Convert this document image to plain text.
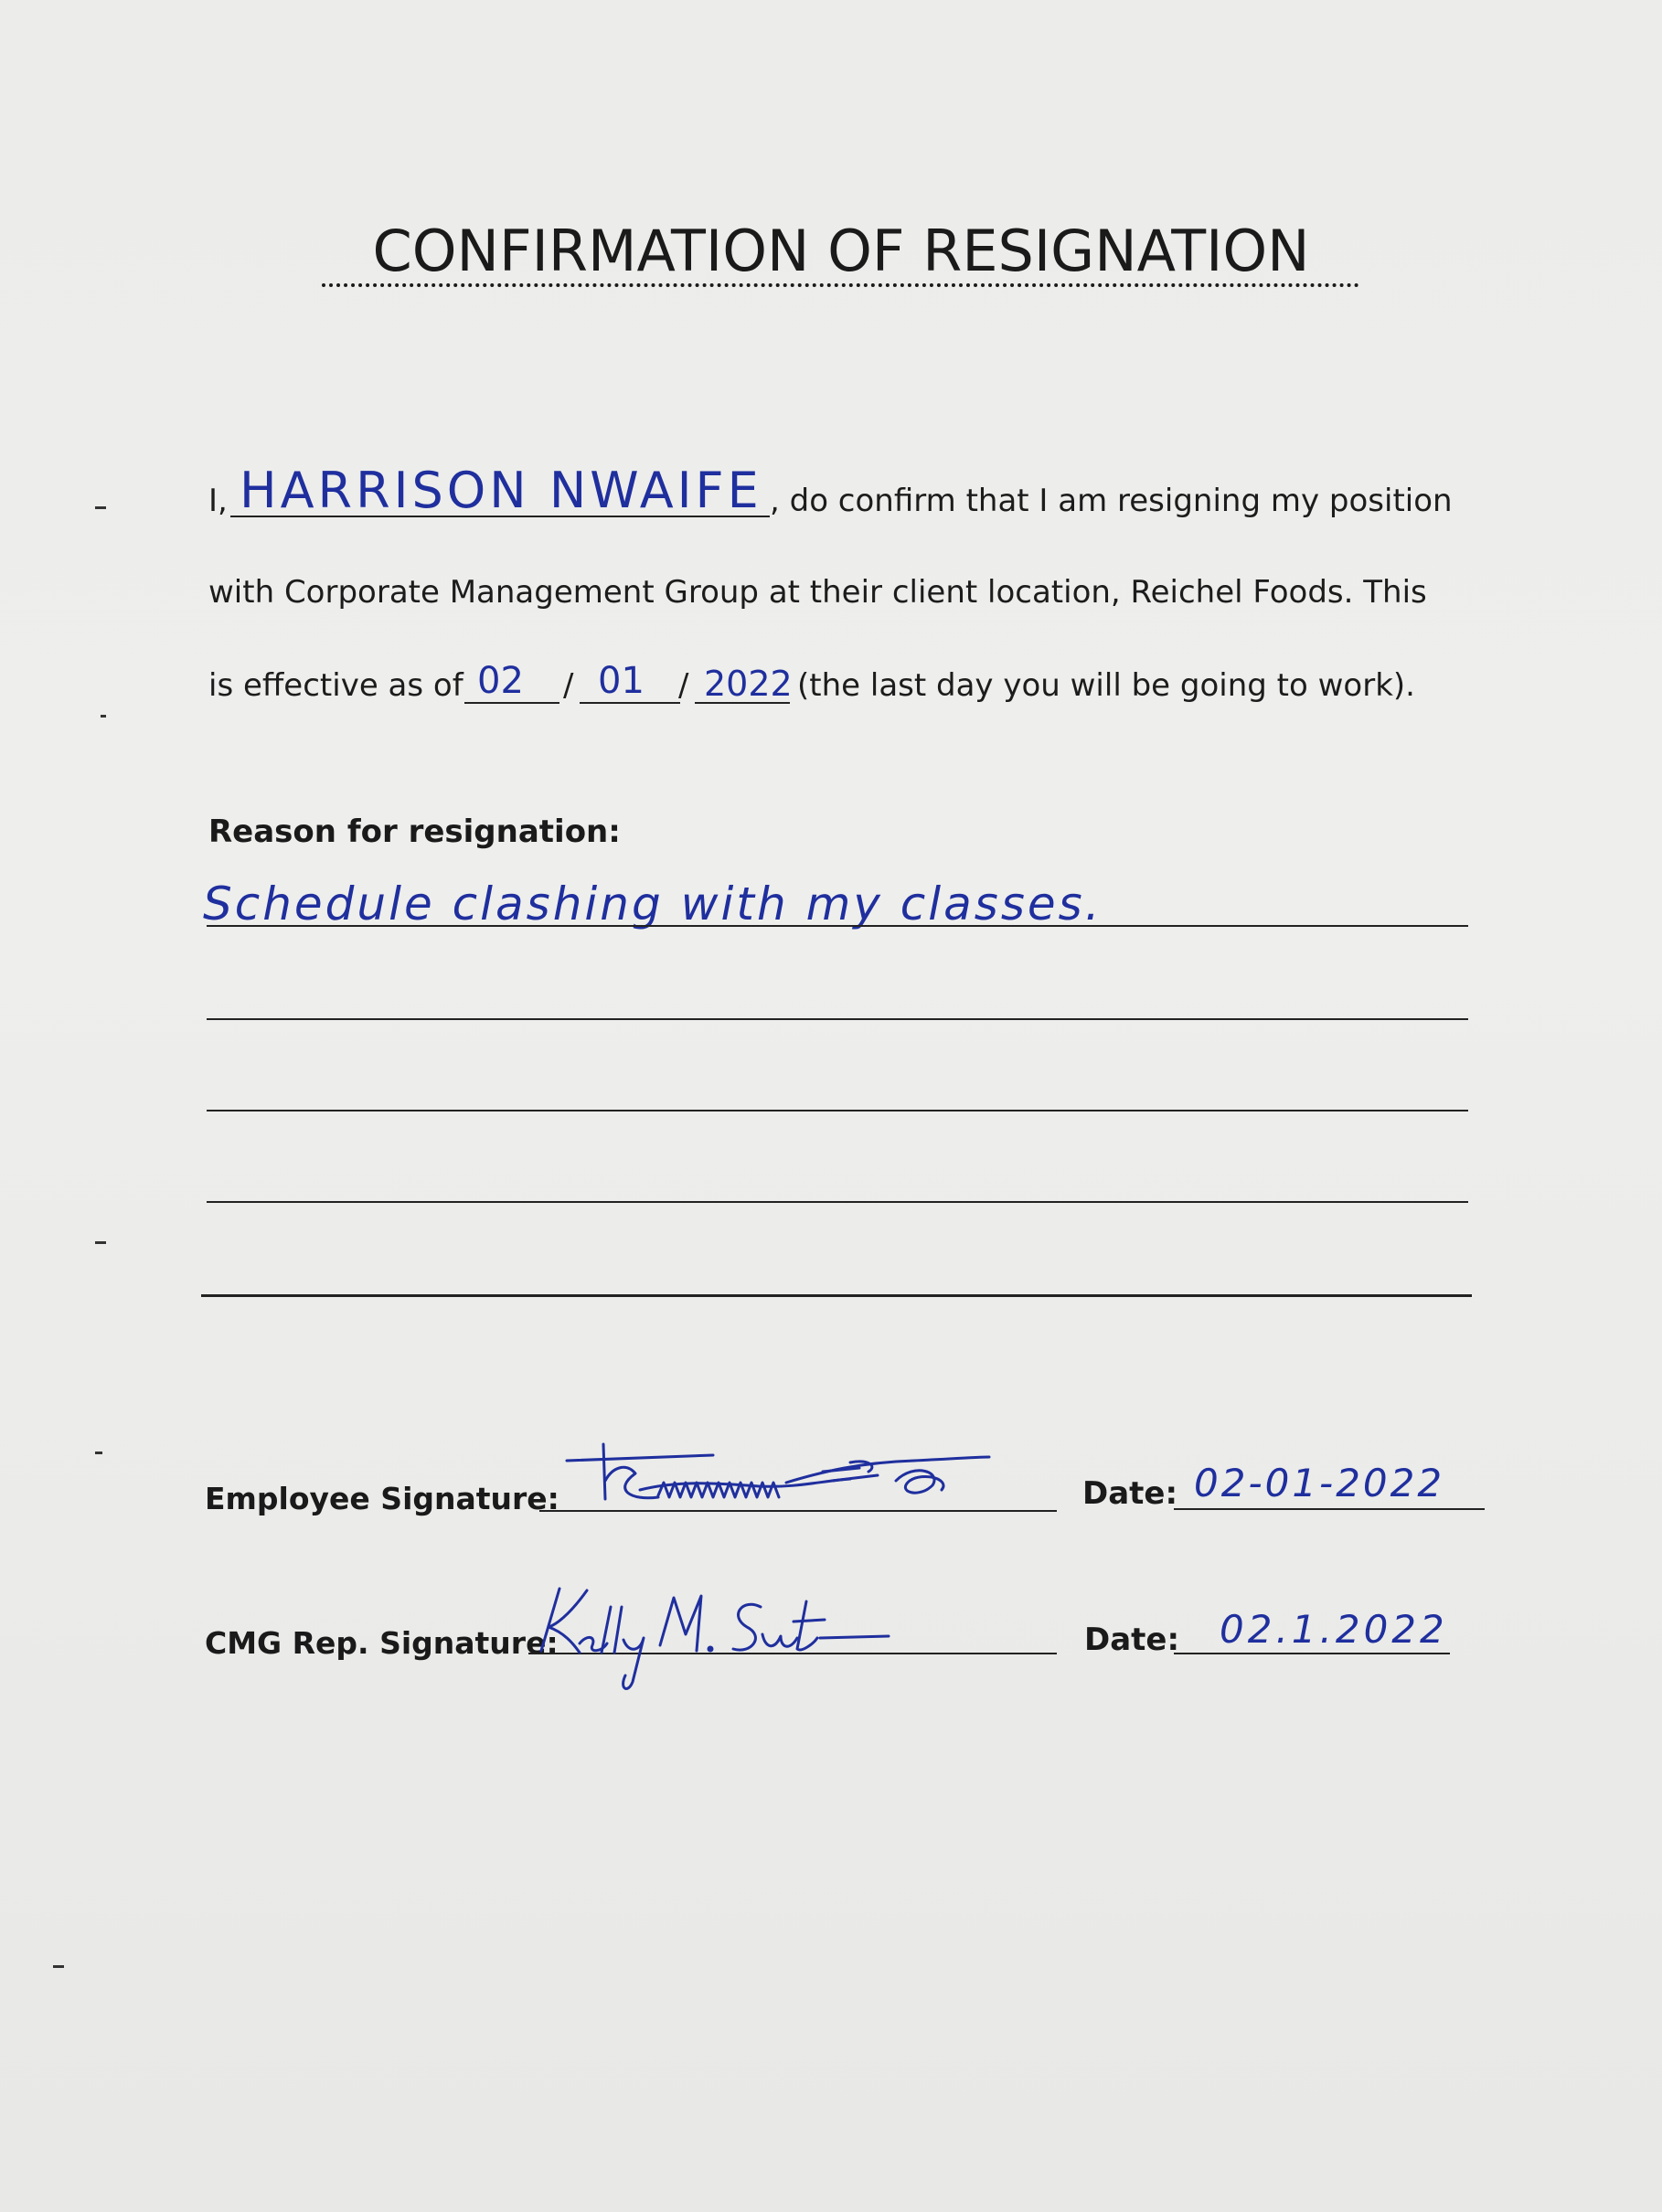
CONFIRMATION OF RESIGNATION
I, HARRISON NWAIFE , do confirm that I am resigning my position
with Corporate Management Group at their client location, Reichel Foods. This
is effective as of 02 / 01 / 2022 (the last day you will be going to work).
Reason for resignation:
Schedule clashing with my classes.
Employee Signature:	Date: 02-01-2022
CMG Rep. Signature:	Date: 02.1.2022
